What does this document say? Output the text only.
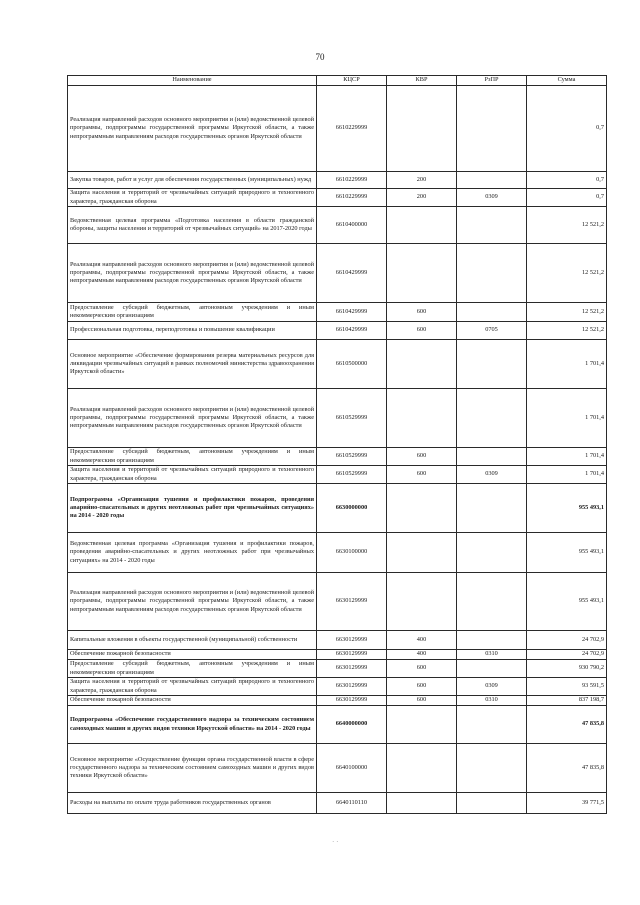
70
Наименование	КЦСР	КВР	РзПР	Сумма
Реализация направлений расходов основного мероприятия и (или) ведомственной целевой программы, подпрограммы государственной программы Иркутской области, а также непрограммным направлениям расходов государственных органов Иркутской области	6610229999			0,7
Закупка товаров, работ и услуг для обеспечения государственных (муниципальных) нужд	6610229999	200		0,7
Защита населения и территорий от чрезвычайных ситуаций природного и техногенного характера, гражданская оборона	6610229999	200	0309	0,7
Ведомственная целевая программа «Подготовка населения в области гражданской обороны, защиты населения и территорий от чрезвычайных ситуаций» на 2017-2020 годы	6610400000			12 521,2
Реализация направлений расходов основного мероприятия и (или) ведомственной целевой программы, подпрограммы государственной программы Иркутской области, а также непрограммным направлениям расходов государственных органов Иркутской области	6610429999			12 521,2
Предоставление субсидий бюджетным, автономным учреждениям и иным некоммерческим организациям	6610429999	600		12 521,2
Профессиональная подготовка, переподготовка и повышение квалификации	6610429999	600	0705	12 521,2
Основное мероприятие «Обеспечение формирования резерва материальных ресурсов для ликвидации чрезвычайных ситуаций в рамках полномочий министерства здравоохранения Иркутской области»	6610500000			1 701,4
Реализация направлений расходов основного мероприятия и (или) ведомственной целевой программы, подпрограммы государственной программы Иркутской области, а также непрограммным направлениям расходов государственных органов Иркутской области	6610529999			1 701,4
Предоставление субсидий бюджетным, автономным учреждениям и иным некоммерческим организациям	6610529999	600		1 701,4
Защита населения и территорий от чрезвычайных ситуаций природного и техногенного характера, гражданская оборона	6610529999	600	0309	1 701,4
Подпрограмма «Организация тушения и профилактики пожаров, проведения аварийно-спасательных и других неотложных работ при чрезвычайных ситуациях» на 2014 - 2020 годы	6630000000			955 493,1
Ведомственная целевая программа «Организация тушения и профилактики пожаров, проведения аварийно-спасательных и других неотложных работ при чрезвычайных ситуациях» на 2014 - 2020 годы	6630100000			955 493,1
Реализация направлений расходов основного мероприятия и (или) ведомственной целевой программы, подпрограммы государственной программы Иркутской области, а также непрограммным направлениям расходов государственных органов Иркутской области	6630129999			955 493,1
Капитальные вложения в объекты государственной (муниципальной) собственности	6630129999	400		24 702,9
Обеспечение пожарной безопасности	6630129999	400	0310	24 702,9
Предоставление субсидий бюджетным, автономным учреждениям и иным некоммерческим организациям	6630129999	600		930 790,2
Защита населения и территорий от чрезвычайных ситуаций природного и техногенного характера, гражданская оборона	6630129999	600	0309	93 591,5
Обеспечение пожарной безопасности	6630129999	600	0310	837 198,7
Подпрограмма «Обеспечение государственного надзора за техническим состоянием самоходных машин и других видов техники Иркутской области» на 2014 - 2020 годы	6640000000			47 835,8
Основное мероприятие «Осуществление функции органа государственной власти в сфере государственного надзора за техническим состоянием самоходных машин и других видов техники Иркутской области»	6640100000			47 835,8
Расходы на выплаты по оплате труда работников государственных органов	6640110110			39 771,5
· ·
